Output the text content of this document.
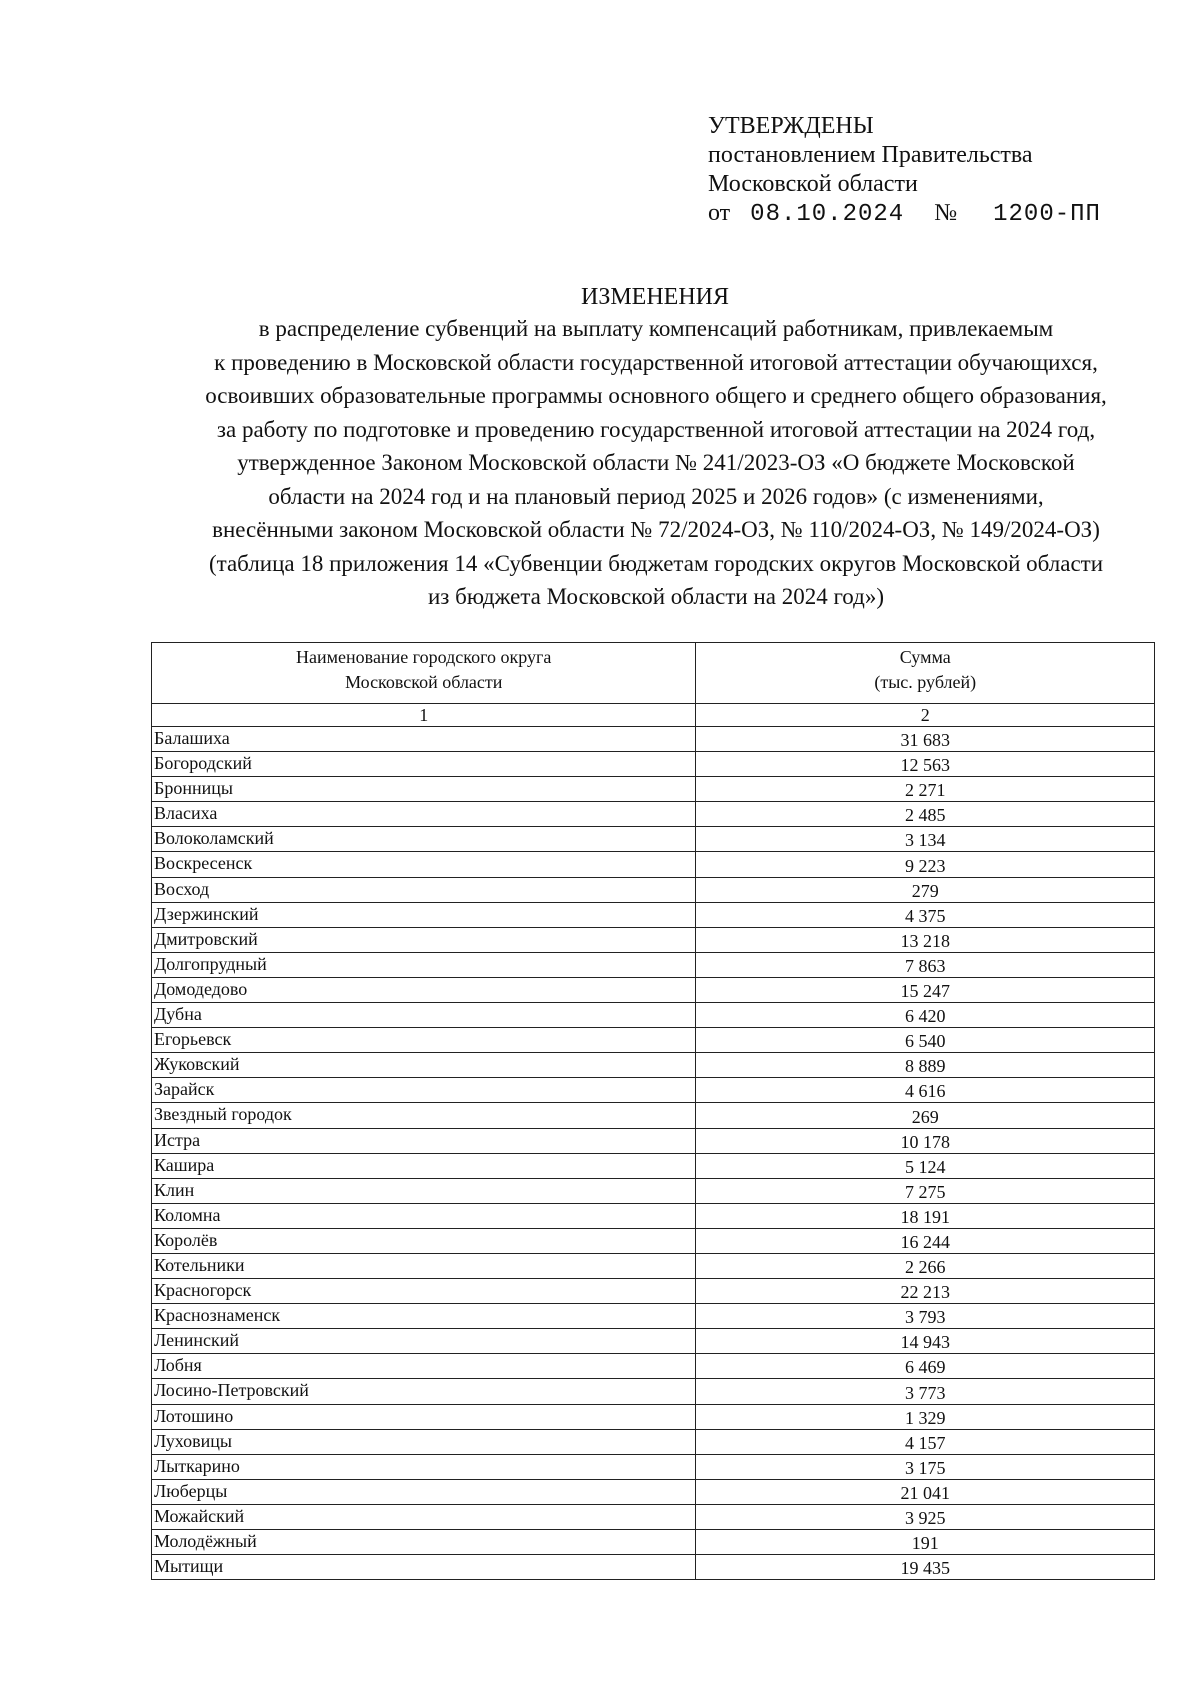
УТВЕРЖДЕНЫ
постановлением Правительства
Московской области
от 08.10.2024 № 1200-ПП
ИЗМЕНЕНИЯ
в распределение субвенций на выплату компенсаций работникам, привлекаемым
к проведению в Московской области государственной итоговой аттестации обучающихся,
освоивших образовательные программы основного общего и среднего общего образования,
за работу по подготовке и проведению государственной итоговой аттестации на 2024 год,
утвержденное Законом Московской области № 241/2023-ОЗ «О бюджете Московской
области на 2024 год и на плановый период 2025 и 2026 годов» (с изменениями,
внесёнными законом Московской области № 72/2024-ОЗ, № 110/2024-ОЗ, № 149/2024-ОЗ)
(таблица 18 приложения 14 «Субвенции бюджетам городских округов Московской области
из бюджета Московской области на 2024 год»)
Наименование городского округа
Московской области	Сумма
(тыс. рублей)

1	2
Балашиха	31 683
Богородский	12 563
Бронницы	2 271
Власиха	2 485
Волоколамский	3 134
Воскресенск	9 223
Восход	279
Дзержинский	4 375
Дмитровский	13 218
Долгопрудный	7 863
Домодедово	15 247
Дубна	6 420
Егорьевск	6 540
Жуковский	8 889
Зарайск	4 616
Звездный городок	269
Истра	10 178
Кашира	5 124
Клин	7 275
Коломна	18 191
Королёв	16 244
Котельники	2 266
Красногорск	22 213
Краснознаменск	3 793
Ленинский	14 943
Лобня	6 469
Лосино-Петровский	3 773
Лотошино	1 329
Луховицы	4 157
Лыткарино	3 175
Люберцы	21 041
Можайский	3 925
Молодёжный	191
Мытищи	19 435
